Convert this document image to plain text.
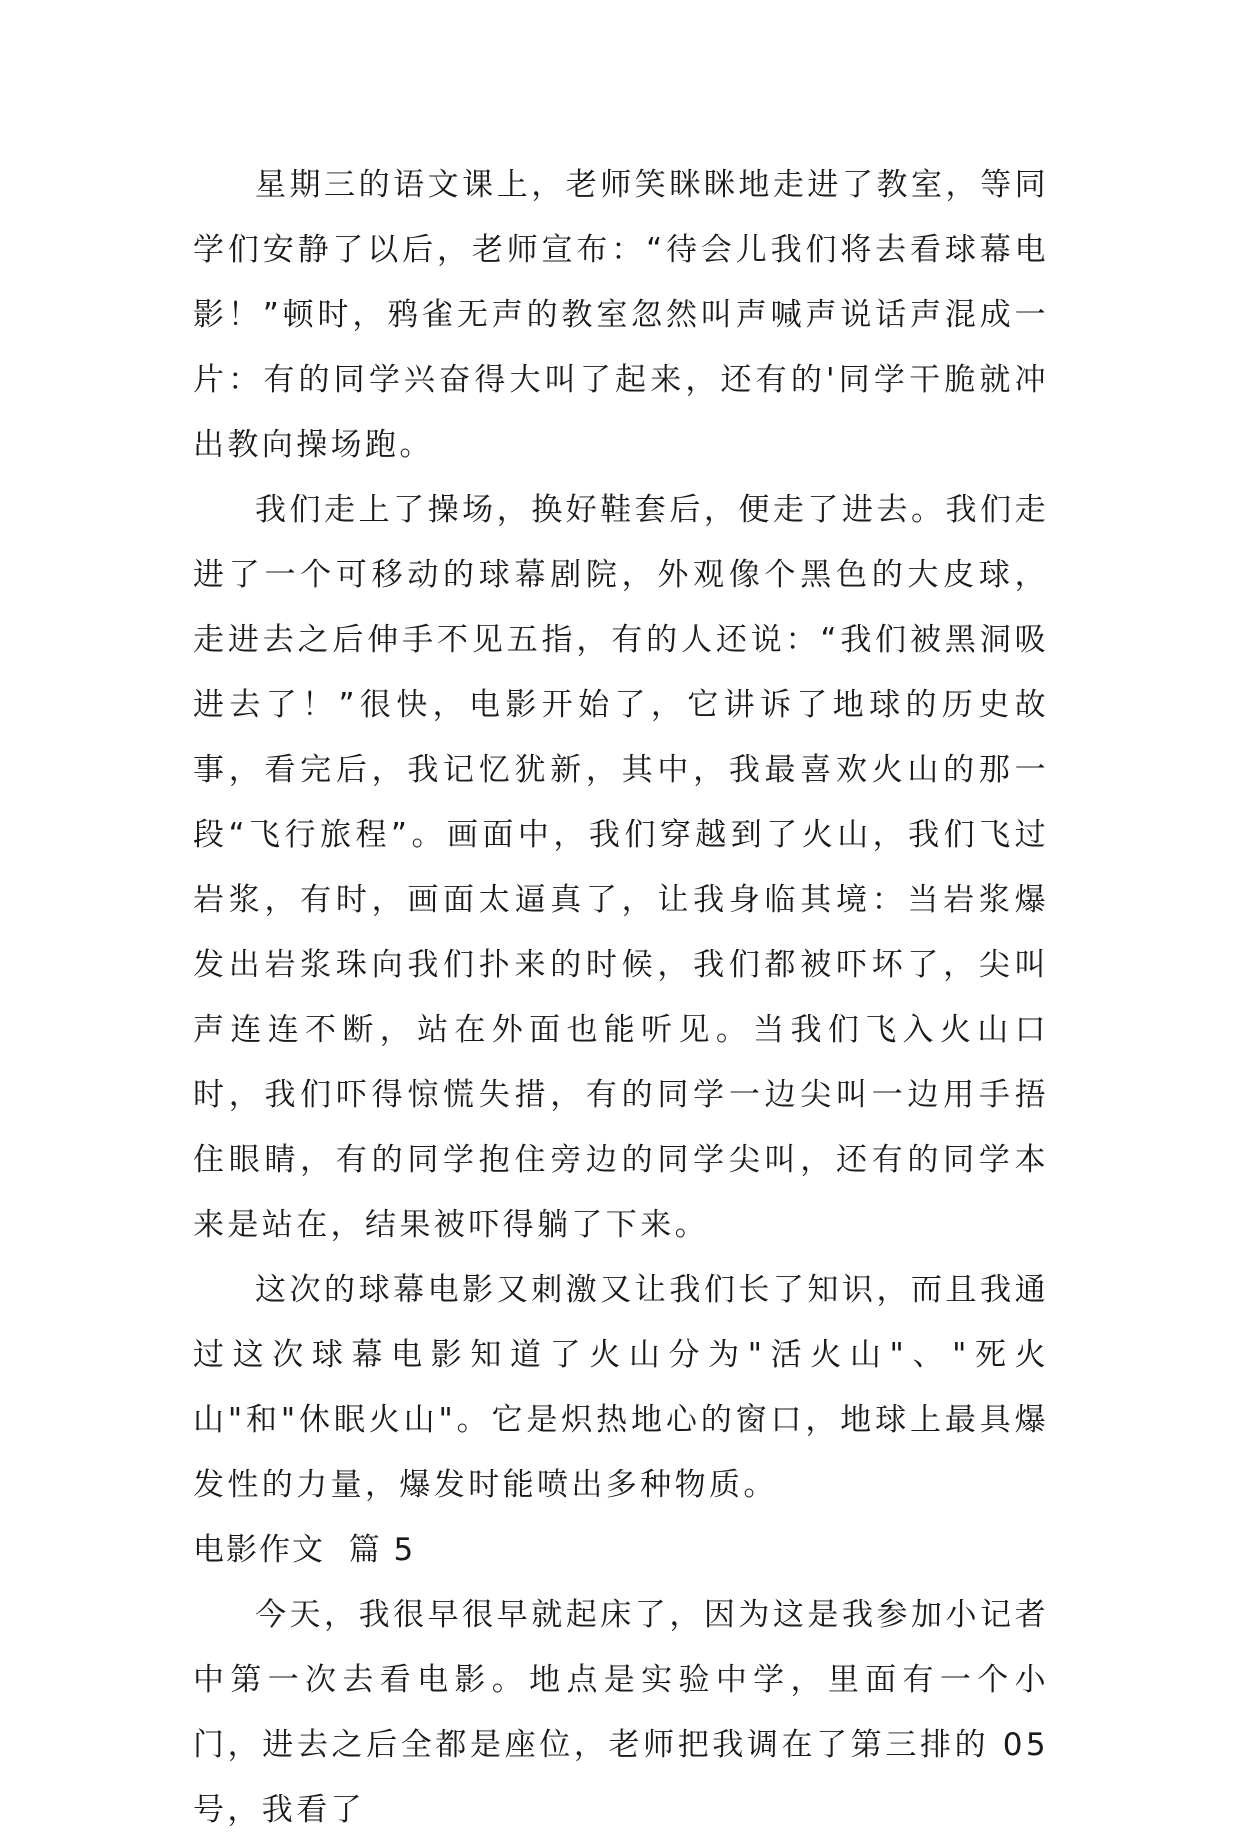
星期三的语文课上，老师笑眯眯地走进了教室，等同学们安静了以后，老师宣布：“待会儿我们将去看球幕电影！”顿时，鸦雀无声的教室忽然叫声喊声说话声混成一片：有的同学兴奋得大叫了起来，还有的'同学干脆就冲出教向操场跑。

我们走上了操场，换好鞋套后，便走了进去。我们走进了一个可移动的球幕剧院，外观像个黑色的大皮球，走进去之后伸手不见五指，有的人还说：“我们被黑洞吸进去了！”很快，电影开始了，它讲诉了地球的历史故事，看完后，我记忆犹新，其中，我最喜欢火山的那一段“飞行旅程”。画面中，我们穿越到了火山，我们飞过岩浆，有时，画面太逼真了，让我身临其境：当岩浆爆发出岩浆珠向我们扑来的时候，我们都被吓坏了，尖叫声连连不断，站在外面也能听见。当我们飞入火山口时，我们吓得惊慌失措，有的同学一边尖叫一边用手捂住眼睛，有的同学抱住旁边的同学尖叫，还有的同学本来是站在，结果被吓得躺了下来。

这次的球幕电影又刺激又让我们长了知识，而且我通过这次球幕电影知道了火山分为"活火山"、"死火山"和"休眠火山"。它是炽热地心的窗口，地球上最具爆发性的力量，爆发时能喷出多种物质。

电影作文  篇 5

今天，我很早很早就起床了，因为这是我参加小记者中第一次去看电影。地点是实验中学，里面有一个小门，进去之后全都是座位，老师把我调在了第三排的 05 号，我看了
